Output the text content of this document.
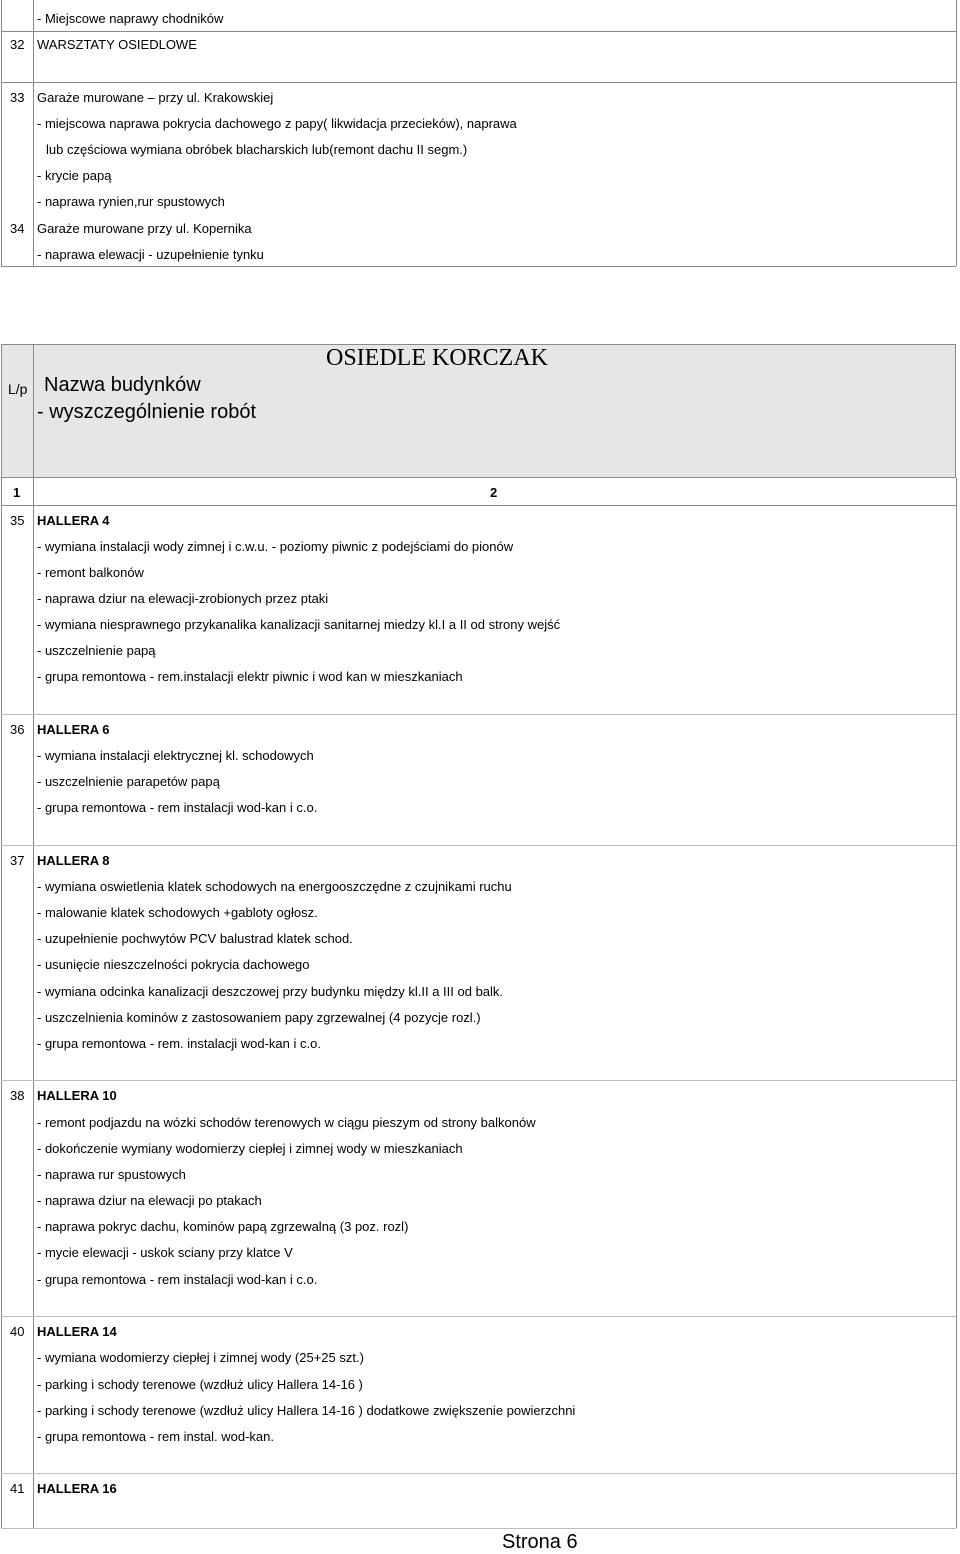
- Miejscowe naprawy chodników
32 WARSZTATY OSIEDLOWE
33 Garaże murowane – przy ul. Krakowskiej
- miejscowa naprawa pokrycia dachowego z papy( likwidacja przecieków), naprawa
lub częściowa wymiana obróbek blacharskich lub(remont dachu II segm.)
- krycie papą
- naprawa rynien,rur spustowych
34 Garaże murowane przy ul. Kopernika
- naprawa elewacji - uzupełnienie tynku
OSIEDLE KORCZAK
L/p Nazwa budynków
- wyszczególnienie robót
1	2
35 HALLERA 4
- wymiana instalacji wody zimnej i c.w.u. - poziomy piwnic z podejściami do pionów
- remont balkonów
- naprawa dziur na elewacji-zrobionych przez ptaki
- wymiana niesprawnego przykanalika kanalizacji sanitarnej miedzy kl.I a II od strony wejść
- uszczelnienie papą
- grupa remontowa - rem.instalacji elektr piwnic i wod kan w mieszkaniach
36 HALLERA 6
- wymiana instalacji elektrycznej kl. schodowych
- uszczelnienie parapetów papą
- grupa remontowa - rem instalacji wod-kan i c.o.
37 HALLERA 8
- wymiana oswietlenia klatek schodowych na energooszczędne z czujnikami ruchu
- malowanie klatek schodowych +gabloty ogłosz.
- uzupełnienie pochwytów PCV balustrad klatek schod.
- usunięcie nieszczelności pokrycia dachowego
- wymiana odcinka kanalizacji deszczowej przy budynku między kl.II a III od balk.
- uszczelnienia kominów z zastosowaniem papy zgrzewalnej (4 pozycje rozl.)
- grupa remontowa - rem. instalacji wod-kan i c.o.
38 HALLERA 10
- remont podjazdu na wózki schodów terenowych w ciągu pieszym od strony balkonów
- dokończenie wymiany wodomierzy ciepłej i zimnej wody w mieszkaniach
- naprawa rur spustowych
- naprawa dziur na elewacji po ptakach
- naprawa pokryc dachu, kominów papą zgrzewalną (3 poz. rozl)
- mycie elewacji - uskok sciany przy klatce V
- grupa remontowa - rem instalacji wod-kan i c.o.
40 HALLERA 14
- wymiana wodomierzy ciepłej i zimnej wody (25+25 szt.)
- parking i schody terenowe (wzdłuż ulicy Hallera 14-16 )
- parking i schody terenowe (wzdłuż ulicy Hallera 14-16 ) dodatkowe zwiększenie powierzchni
- grupa remontowa - rem instal. wod-kan.
41 HALLERA 16
Strona 6
